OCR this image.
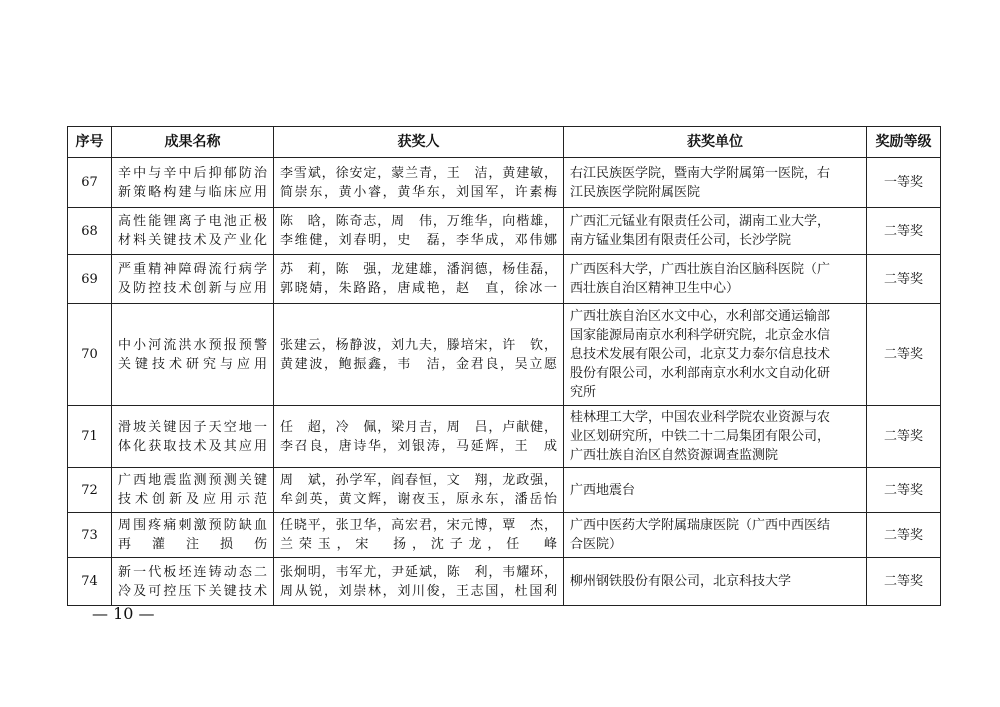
序号	成果名称	获奖人	获奖单位	奖励等级

67	辛中与辛中后抑郁防治
新策略构建与临床应用	李雪斌，徐安定，蒙兰青，王　洁，黄建敏，
简崇东，黄小睿，黄华东，刘国军，许素梅	右江民族医学院，暨南大学附属第一医院，右
江民族医学院附属医院	一等奖

68	高性能锂离子电池正极
材料关键技术及产业化	陈　晗，陈奇志，周　伟，万维华，向楷雄，
李维健，刘春明，史　磊，李华成，邓伟娜	广西汇元锰业有限责任公司，湖南工业大学，
南方锰业集团有限责任公司，长沙学院	二等奖

69	严重精神障碍流行病学
及防控技术创新与应用	苏　莉，陈　强，龙建雄，潘润德，杨佳磊，
郭晓婧，朱路路，唐咸艳，赵　直，徐冰一	广西医科大学，广西壮族自治区脑科医院（广
西壮族自治区精神卫生中心）	二等奖

70	中小河流洪水预报预警
关键技术研究与应用	张建云，杨静波，刘九夫，滕培宋，许　钦，
黄建波，鲍振鑫，韦　洁，金君良，吴立愿	广西壮族自治区水文中心，水利部交通运输部
国家能源局南京水利科学研究院，北京金水信
息技术发展有限公司，北京艾力泰尔信息技术
股份有限公司，水利部南京水利水文自动化研
究所	二等奖

71	滑坡关键因子天空地一
体化获取技术及其应用	任　超，冷　佩，梁月吉，周　吕，卢献健，
李召良，唐诗华，刘银涛，马延辉，王　成	桂林理工大学，中国农业科学院农业资源与农
业区划研究所，中铁二十二局集团有限公司，
广西壮族自治区自然资源调查监测院	二等奖

72	广西地震监测预测关键
技术创新及应用示范	周　斌，孙学军，阎春恒，文　翔，龙政强，
牟剑英，黄文辉，谢夜玉，原永东，潘岳怡	广西地震台	二等奖

73	周围疼痛刺激预防缺血
再灌注损伤	任晓平，张卫华，高宏君，宋元博，覃　杰，
兰荣玉，宋　扬，沈子龙，任　峰	广西中医药大学附属瑞康医院（广西中西医结
合医院）	二等奖

74	新一代板坯连铸动态二
冷及可控压下关键技术	张炯明，韦军尤，尹延斌，陈　利，韦耀环，
周从锐，刘崇林，刘川俊，王志国，杜国利	柳州钢铁股份有限公司，北京科技大学	二等奖
— 10 —
